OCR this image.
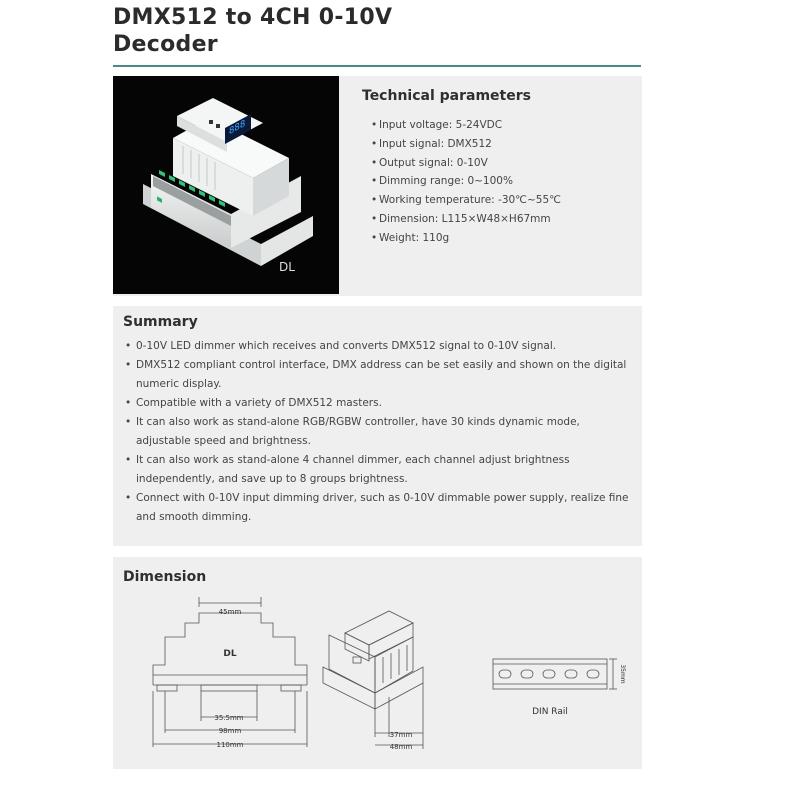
DMX512 to 4CH 0-10V
Decoder
888
DL
Technical parameters
• Input voltage: 5-24VDC
• Input signal: DMX512
• Output signal: 0-10V
• Dimming range: 0~100%
• Working temperature: -30℃~55℃
• Dimension: L115×W48×H67mm
• Weight: 110g
Summary
• 0-10V LED dimmer which receives and converts DMX512 signal to 0-10V signal.
• DMX512 compliant control interface, DMX address can be set easily and shown on the digital numeric display.
• Compatible with a variety of DMX512 masters.
• It can also work as stand-alone RGB/RGBW controller, have 30 kinds dynamic mode, adjustable speed and brightness.
• It can also work as stand-alone 4 channel dimmer, each channel adjust brightness independently, and save up to 8 groups brightness.
• Connect with 0-10V input dimming driver, such as 0-10V dimmable power supply, realize fine and smooth dimming.
Dimension
DL
45mm
35.5mm
98mm
110mm
37mm
48mm
35mm
DIN Rail
